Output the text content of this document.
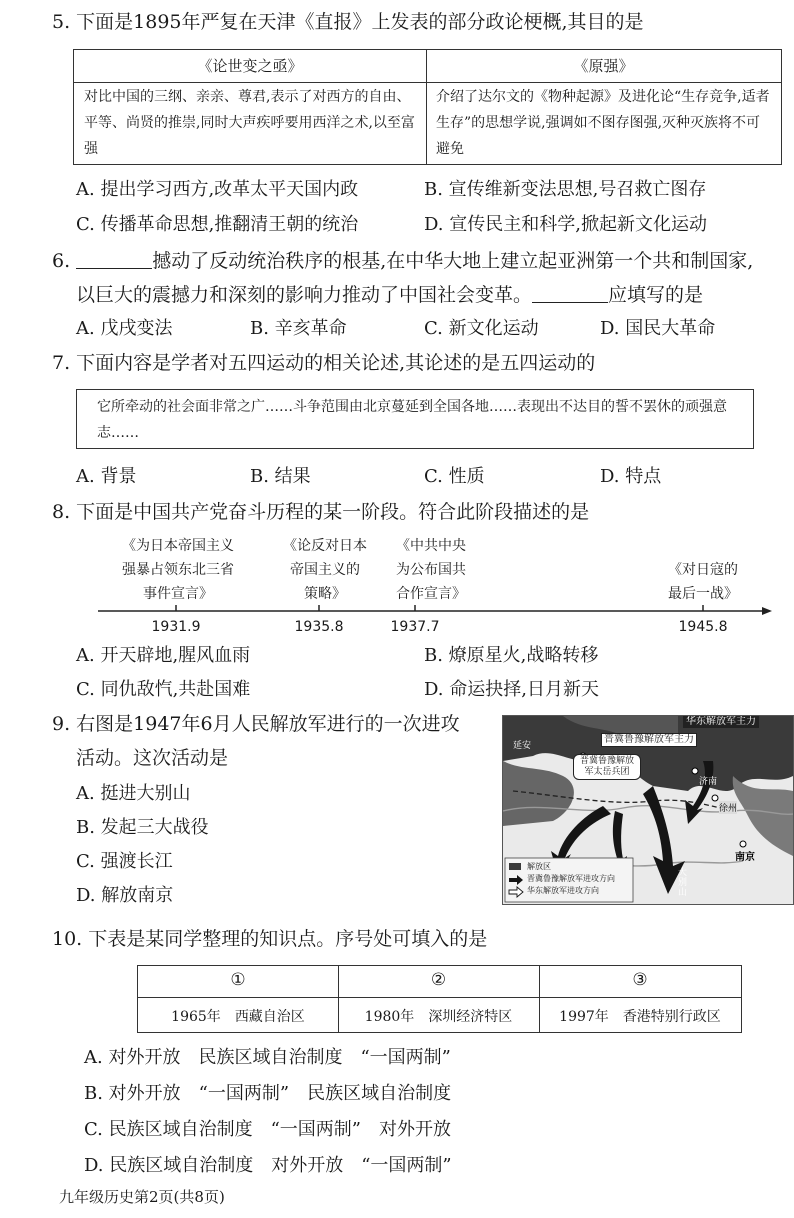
5. 下面是1895年严复在天津《直报》上发表的部分政论梗概,其目的是
《论世变之亟》	《原强》
对比中国的三纲、亲亲、尊君,表示了对西方的自由、平等、尚贤的推崇,同时大声疾呼要用西洋之术,以至富强
介绍了达尔文的《物种起源》及进化论“生存竞争,适者生存”的思想学说,强调如不图存图强,灭种灭族将不可避免
A. 提出学习西方,改革太平天国内政	B. 宣传维新变法思想,号召救亡图存
C. 传播革命思想,推翻清王朝的统治	D. 宣传民主和科学,掀起新文化运动
6.	撼动了反动统治秩序的根基,在中华大地上建立起亚洲第一个共和制国家,
以巨大的震撼力和深刻的影响力推动了中国社会变革。	应填写的是
A. 戊戌变法	B. 辛亥革命	C. 新文化运动	D. 国民大革命
7. 下面内容是学者对五四运动的相关论述,其论述的是五四运动的
它所牵动的社会面非常之广……斗争范围由北京蔓延到全国各地……表现出不达目的誓不罢休的顽强意志……
A. 背景	B. 结果	C. 性质	D. 特点
8. 下面是中国共产党奋斗历程的某一阶段。符合此阶段描述的是
《为日本帝国主义
强暴占领东北三省
事件宣言》
《论反对日本
帝国主义的
策略》
《中共中央
为公布国共
合作宣言》
《对日寇的
最后一战》
1931.9	1935.8	1937.7	1945.8
A. 开天辟地,腥风血雨	B. 燎原星火,战略转移
C. 同仇敌忾,共赴国难	D. 命运抉择,日月新天
9. 右图是1947年6月人民解放军进行的一次进攻
活动。这次活动是
A. 挺进大别山
B. 发起三大战役
C. 强渡长江
D. 解放南京
华东解放军主力
晋冀鲁豫解放军主力
晋冀鲁豫解放军太岳兵团
延安
济南
徐州
南京
大别山
解放区
晋冀鲁豫解放军进攻方向
华东解放军进攻方向
10. 下表是某同学整理的知识点。序号处可填入的是
①	②	③
1965年　 西藏自治区	1980年　 深圳经济特区	1997年　 香港特别行政区
A. 对外开放　民族区域自治制度　“一国两制”
B. 对外开放　“一国两制”　民族区域自治制度
C. 民族区域自治制度　“一国两制”　对外开放
D. 民族区域自治制度　对外开放　“一国两制”
九年级历史第2页(共8页)
